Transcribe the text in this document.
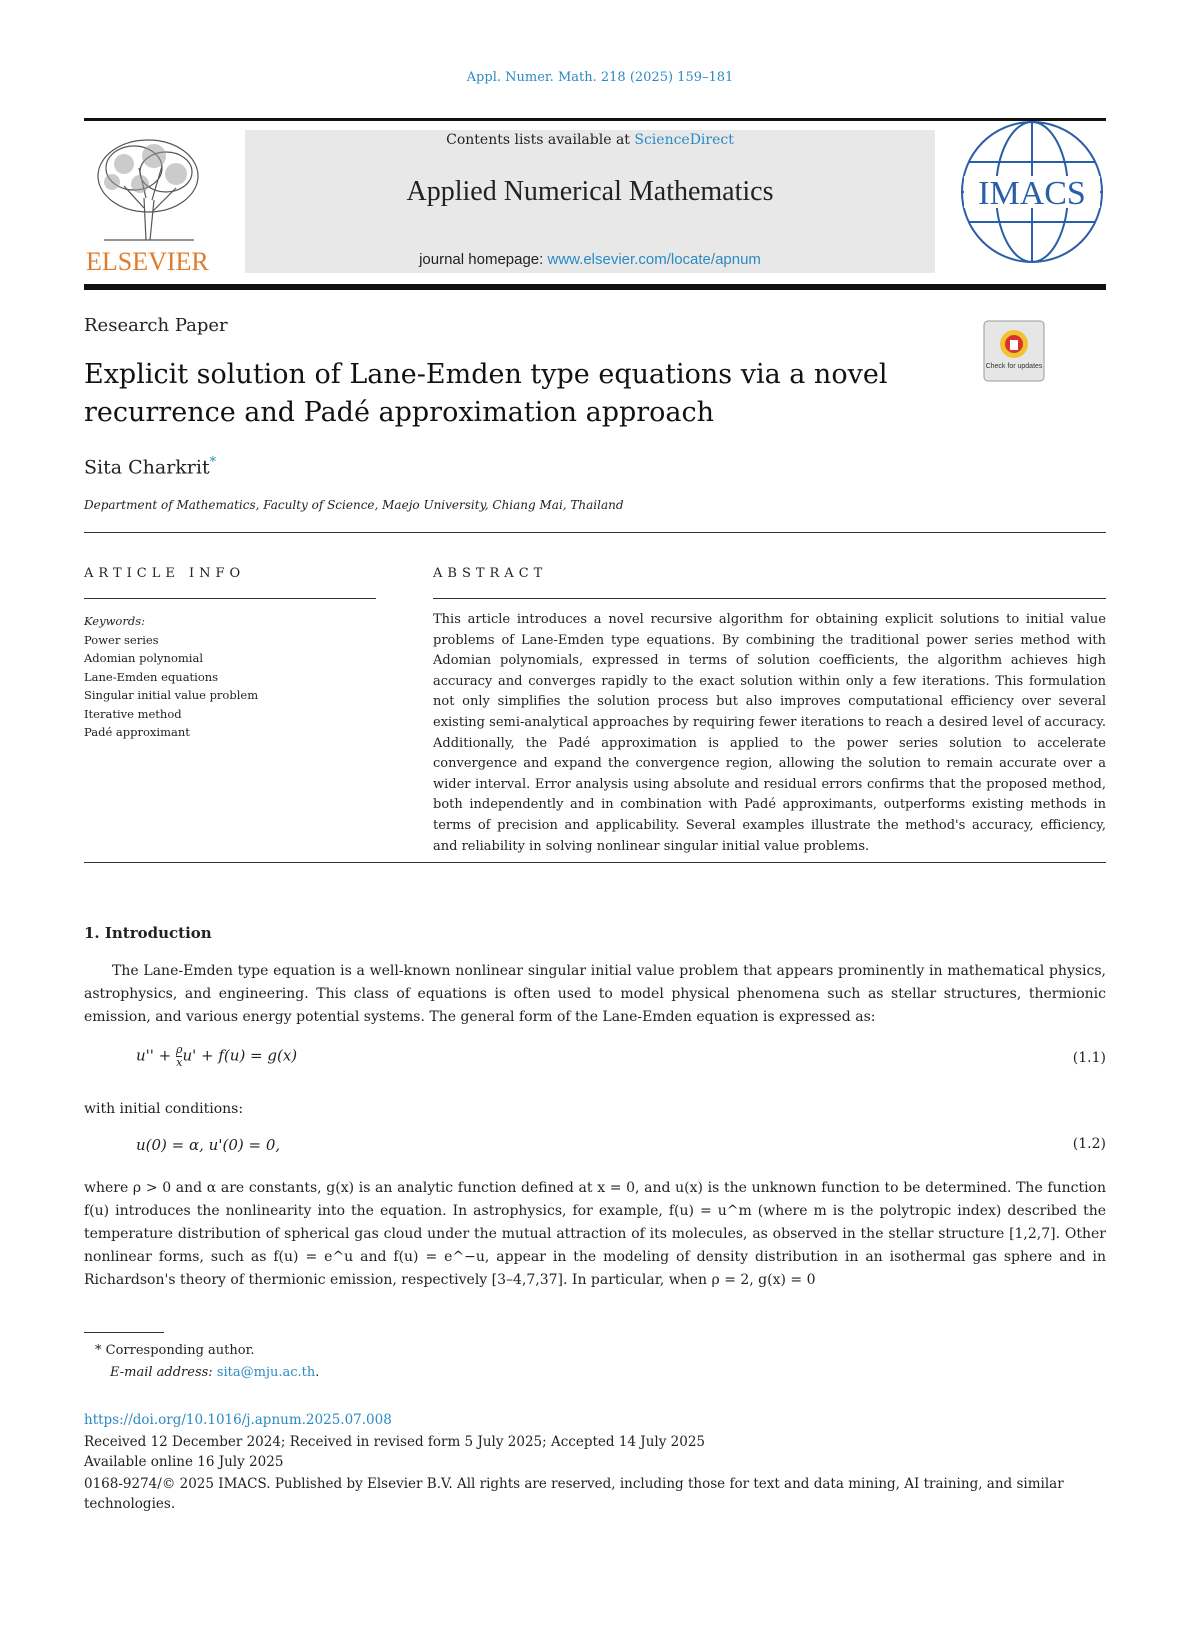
Appl. Numer. Math. 218 (2025) 159–181
ELSEVIER
Contents lists available at ScienceDirect
Applied Numerical Mathematics
journal homepage: www.elsevier.com/locate/apnum
IMACS
Research Paper
Check for updates
Explicit solution of Lane-Emden type equations via a novel recurrence and Padé approximation approach
Sita Charkrit*
Department of Mathematics, Faculty of Science, Maejo University, Chiang Mai, Thailand
ARTICLE INFO	ABSTRACT
Keywords:
Power series
Adomian polynomial
Lane-Emden equations
Singular initial value problem
Iterative method
Padé approximant
This article introduces a novel recursive algorithm for obtaining explicit solutions to initial value problems of Lane-Emden type equations. By combining the traditional power series method with Adomian polynomials, expressed in terms of solution coefficients, the algorithm achieves high accuracy and converges rapidly to the exact solution within only a few iterations. This formulation not only simplifies the solution process but also improves computational efficiency over several existing semi-analytical approaches by requiring fewer iterations to reach a desired level of accuracy. Additionally, the Padé approximation is applied to the power series solution to accelerate convergence and expand the convergence region, allowing the solution to remain accurate over a wider interval. Error analysis using absolute and residual errors confirms that the proposed method, both independently and in combination with Padé approximants, outperforms existing methods in terms of precision and applicability. Several examples illustrate the method's accuracy, efficiency, and reliability in solving nonlinear singular initial value problems.
1. Introduction
The Lane-Emden type equation is a well-known nonlinear singular initial value problem that appears prominently in mathematical physics, astrophysics, and engineering. This class of equations is often used to model physical phenomena such as stellar structures, thermionic emission, and various energy potential systems. The general form of the Lane-Emden equation is expressed as:
$u'' + \frac{\rho}{x} u' + f(u) = g(x)$	(1.1)
with initial conditions:
u(0) = α, u'(0) = 0,	(1.2)
where ρ > 0 and α are constants, g(x) is an analytic function defined at x = 0, and u(x) is the unknown function to be determined. The function f(u) introduces the nonlinearity into the equation. In astrophysics, for example, f(u) = u^m (where m is the polytropic index) described the temperature distribution of spherical gas cloud under the mutual attraction of its molecules, as observed in the stellar structure [1,2,7]. Other nonlinear forms, such as f(u) = e^u and f(u) = e^−u, appear in the modeling of density distribution in an isothermal gas sphere and in Richardson's theory of thermionic emission, respectively [3–4,7,37]. In particular, when ρ = 2, g(x) = 0
* Corresponding author.
E-mail address: sita@mju.ac.th.
https://doi.org/10.1016/j.apnum.2025.07.008
Received 12 December 2024; Received in revised form 5 July 2025; Accepted 14 July 2025
Available online 16 July 2025
0168-9274/© 2025 IMACS. Published by Elsevier B.V. All rights are reserved, including those for text and data mining, AI training, and similar technologies.
